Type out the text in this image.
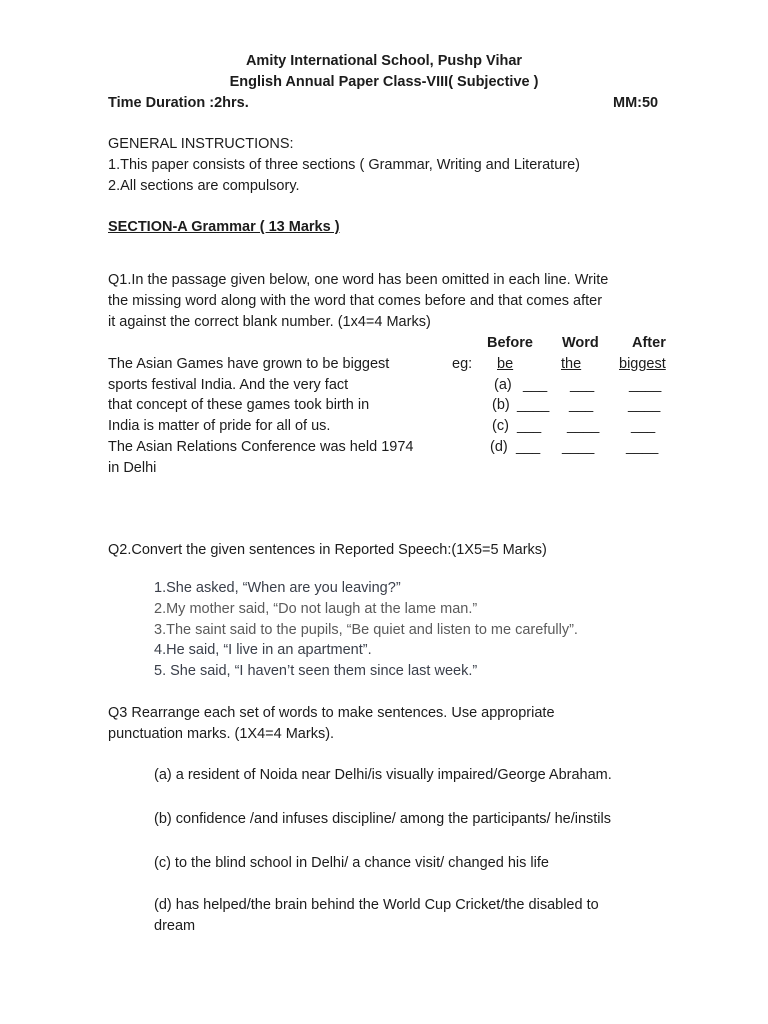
Amity International School, Pushp Vihar
English Annual Paper Class-VIII( Subjective )
Time Duration :2hrs.	MM:50
GENERAL INSTRUCTIONS:
1.This paper consists of three sections ( Grammar, Writing and Literature)
2.All sections are compulsory.
SECTION-A Grammar ( 13 Marks )
Q1.In the passage given below, one word has been omitted in each line. Write
the missing word along with the word that comes before and that comes after
it against the correct blank number. (1x4=4 Marks)
Before Word After
The Asian Games have grown to be biggest
sports festival India. And the very fact
that concept of these games took birth in
India is matter of pride for all of us.
The Asian Relations Conference was held 1974
in Delhi
eg: be	the	biggest
(a) ___ ___ ____
(b) ____ ___ ____
(c) ___ ____ ___
(d) ___ ____ ____
Q2.Convert the given sentences in Reported Speech:(1X5=5 Marks)
1.She asked, “When are you leaving?”
2.My mother said, “Do not laugh at the lame man.”
3.The saint said to the pupils, “Be quiet and listen to me carefully”.
4.He said, “I live in an apartment”.
5. She said, “I haven’t seen them since last week.”
Q3 Rearrange each set of words to make sentences. Use appropriate
punctuation marks. (1X4=4 Marks).
(a) a resident of Noida near Delhi/is visually impaired/George Abraham.
(b) confidence /and infuses discipline/ among the participants/ he/instils
(c) to the blind school in Delhi/ a chance visit/ changed his life
(d) has helped/the brain behind the World Cup Cricket/the disabled to
dream
